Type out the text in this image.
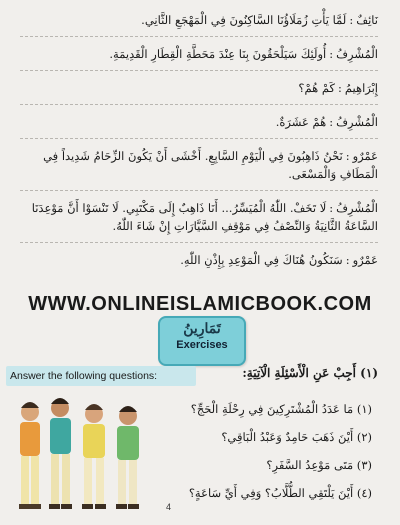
نَائِفٌ:لَمَّا يَأْتِ زُمَلَاؤُنَا السَّاكِنُونَ فِي الْمَهْجَعِ الثَّانِي.
الْمُشْرِفُ:أُولَئِكَ سَيَلْحَقُونَ بِنَا عِنْدَ مَحَطَّةِ الْقِطَارِ الْقَدِيمَةِ.
إِبْرَاهِيمُ:كَمْ هُمْ؟
الْمُشْرِفُ:هُمْ عَشَرَةٌ.
عَمْرٌو:نَحْنُ ذَاهِبُونَ فِي الْيَوْمِ السَّابِعِ. أَخْشَى أَنْ يَكُونَ الزِّحَامُ شَدِيداً فِي الْمَطَافِ وَالْمَسْعَى.
الْمُشْرِفُ:لَا تَخَفْ. اللّٰهُ الْمُيَسِّرُ... أَنَا ذَاهِبٌ إِلَى مَكْتَبِي. لَا تَنْسَوْا أَنَّ مَوْعِدَنَا السَّاعَةُ الثَّانِيَةُ وَالنِّصْفُ فِي مَوْقِفِ السَّيَّارَاتِ إِنْ شَاءَ اللّٰهُ.
عَمْرٌو:سَنَكُونُ هُنَاكَ فِي الْمَوْعِدِ بِإِذْنِ اللّٰهِ.
WWW.ONLINEISLAMICBOOK.COM
تَمَارِينُ
Exercises
Answer the following questions:	(١) أَجِبْ عَنِ الْأَسْئِلَةِ الْآتِيَةِ:
(١) مَا عَدَدُ الْمُشْتَرِكِينَ فِي رِحْلَةِ الْحَجِّ؟
(٢) أَيْنَ ذَهَبَ حَامِدٌ وَعَبْدُ الْبَاقِي؟
(٣) مَتَى مَوْعِدُ السَّفَرِ؟
(٤) أَيْنَ يَلْتَقِي الطُّلَّابُ؟ وَفِي أَيِّ سَاعَةٍ؟
4
